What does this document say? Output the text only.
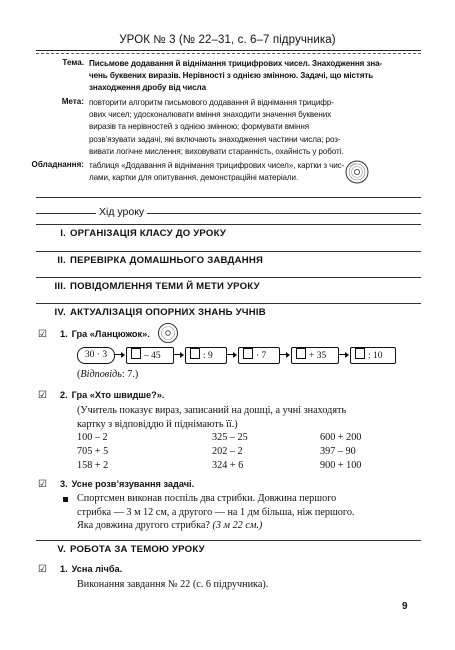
УРОК № 3 (№ 22–31, с. 6–7 підручника)
Тема. Письмове додавання й віднімання трицифрових чисел. Знаходження зна-
чень буквених виразів. Нерівності з однією змінною. Задачі, що містять
знаходження дробу від числа
Мета: повторити алгоритм письмового додавання й віднімання трицифр-
ових чисел; удосконалювати вміння знаходити значення буквених
виразів та нерівностей з однією змінною; формувати вміння
розв’язувати задачі, які включають знаходження частини числа; роз-
вивати логічне мислення; виховувати старанність, охайність у роботі.
Обладнання: таблиця «Додавання й віднімання трицифрових чисел», картки з чис-
лами, картки для опитування, демонстраційні матеріали.
Хід уроку
I. ОРГАНІЗАЦІЯ КЛАСУ ДО УРОКУ
II. ПЕРЕВІРКА ДОМАШНЬОГО ЗАВДАННЯ
III. ПОВІДОМЛЕННЯ ТЕМИ Й МЕТИ УРОКУ
IV. АКТУАЛІЗАЦІЯ ОПОРНИХ ЗНАНЬ УЧНІВ
☑ 1. Гра «Ланцюжок».
30 · 3	– 45	: 9	· 7	+ 35	: 10
(Відповідь: 7.)
☑ 2. Гра «Хто швидше?».
(Учитель показує вираз, записаний на дошці, а учні знаходять
картку з відповіддю й піднімають її.)
100 – 2	325 – 25	600 + 200
705 + 5	202 – 2	397 – 90
158 + 2	324 + 6	900 + 100
☑ 3. Усне розв’язування задачі.
Спортсмен виконав поспіль два стрибки. Довжина першого
стрибка — 3 м 12 см, а другого — на 1 дм більша, ніж першого.
Яка довжина другого стрибка? (3 м 22 см.)
V. РОБОТА ЗА ТЕМОЮ УРОКУ
☑ 1. Усна лічба.
Виконання завдання № 22 (с. 6 підручника).
9
